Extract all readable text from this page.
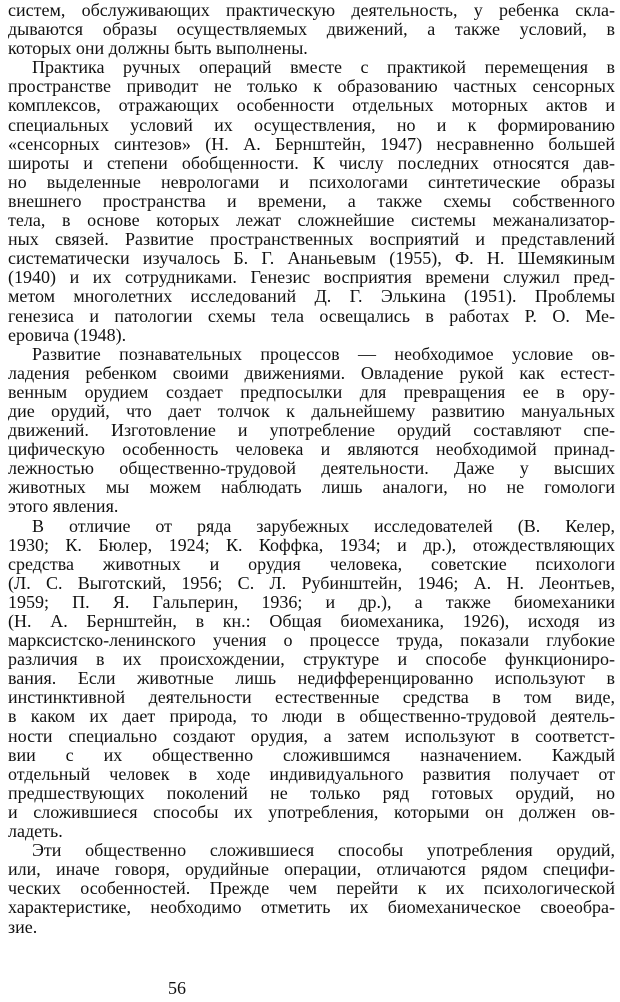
систем, обслуживающих практическую деятельность, у ребенка скла-
дываются образы осуществляемых движений, а также условий, в
которых они должны быть выполнены.
Практика ручных операций вместе с практикой перемещения в
пространстве приводит не только к образованию частных сенсорных
комплексов, отражающих особенности отдельных моторных актов и
специальных условий их осуществления, но и к формированию
«сенсорных синтезов» (Н. А. Бернштейн, 1947) несравненно большей
широты и степени обобщенности. К числу последних относятся дав-
но выделенные неврологами и психологами синтетические образы
внешнего пространства и времени, а также схемы собственного
тела, в основе которых лежат сложнейшие системы межанализатор-
ных связей. Развитие пространственных восприятий и представлений
систематически изучалось Б. Г. Ананьевым (1955), Ф. Н. Шемякиным
(1940) и их сотрудниками. Генезис восприятия времени служил пред-
метом многолетних исследований Д. Г. Элькина (1951). Проблемы
генезиса и патологии схемы тела освещались в работах Р. О. Ме-
еровича (1948).
Развитие познавательных процессов — необходимое условие ов-
ладения ребенком своими движениями. Овладение рукой как естест-
венным орудием создает предпосылки для превращения ее в ору-
дие орудий, что дает толчок к дальнейшему развитию мануальных
движений. Изготовление и употребление орудий составляют спе-
цифическую особенность человека и являются необходимой принад-
лежностью общественно-трудовой деятельности. Даже у высших
животных мы можем наблюдать лишь аналоги, но не гомологи
этого явления.
В отличие от ряда зарубежных исследователей (В. Келер,
1930; К. Бюлер, 1924; К. Коффка, 1934; и др.), отождествляющих
средства животных и орудия человека, советские психологи
(Л. С. Выготский, 1956; С. Л. Рубинштейн, 1946; А. Н. Леонтьев,
1959; П. Я. Гальперин, 1936; и др.), а также биомеханики
(Н. А. Бернштейн, в кн.: Общая биомеханика, 1926), исходя из
марксистско-ленинского учения о процессе труда, показали глубокие
различия в их происхождении, структуре и способе функциониро-
вания. Если животные лишь недифференцированно используют в
инстинктивной деятельности естественные средства в том виде,
в каком их дает природа, то люди в общественно-трудовой деятель-
ности специально создают орудия, а затем используют в соответст-
вии с их общественно сложившимся назначением. Каждый
отдельный человек в ходе индивидуального развития получает от
предшествующих поколений не только ряд готовых орудий, но
и сложившиеся способы их употребления, которыми он должен ов-
ладеть.
Эти общественно сложившиеся способы употребления орудий,
или, иначе говоря, орудийные операции, отличаются рядом специфи-
ческих особенностей. Прежде чем перейти к их психологической
характеристике, необходимо отметить их биомеханическое своеобра-
зие.
56
